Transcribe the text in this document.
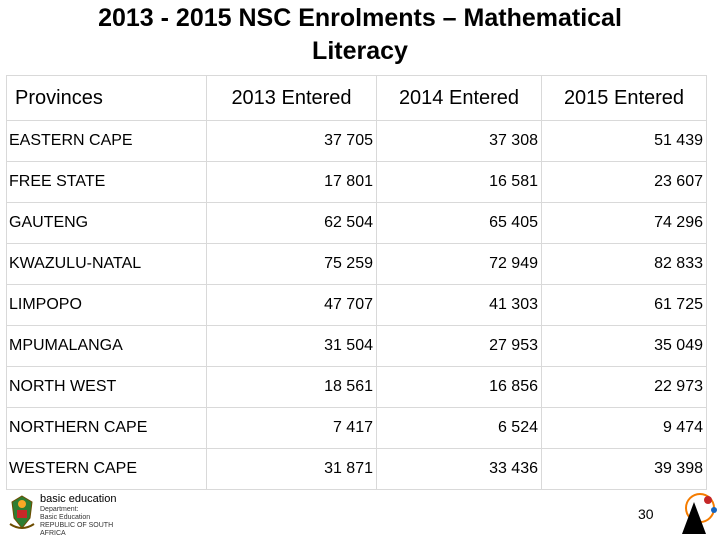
2013 - 2015 NSC Enrolments – Mathematical
Literacy
Provinces	2013 Entered	2014 Entered	2015 Entered
EASTERN CAPE	37 705	37 308	51 439
FREE STATE	17 801	16 581	23 607
GAUTENG	62 504	65 405	74 296
KWAZULU-NATAL	75 259	72 949	82 833
LIMPOPO	47 707	41 303	61 725
MPUMALANGA	31 504	27 953	35 049
NORTH WEST	18 561	16 856	22 973
NORTHERN CAPE	7 417	6 524	9 474
WESTERN CAPE	31 871	33 436	39 398
basic education
Department:
Basic Education
REPUBLIC OF SOUTH AFRICA
30
